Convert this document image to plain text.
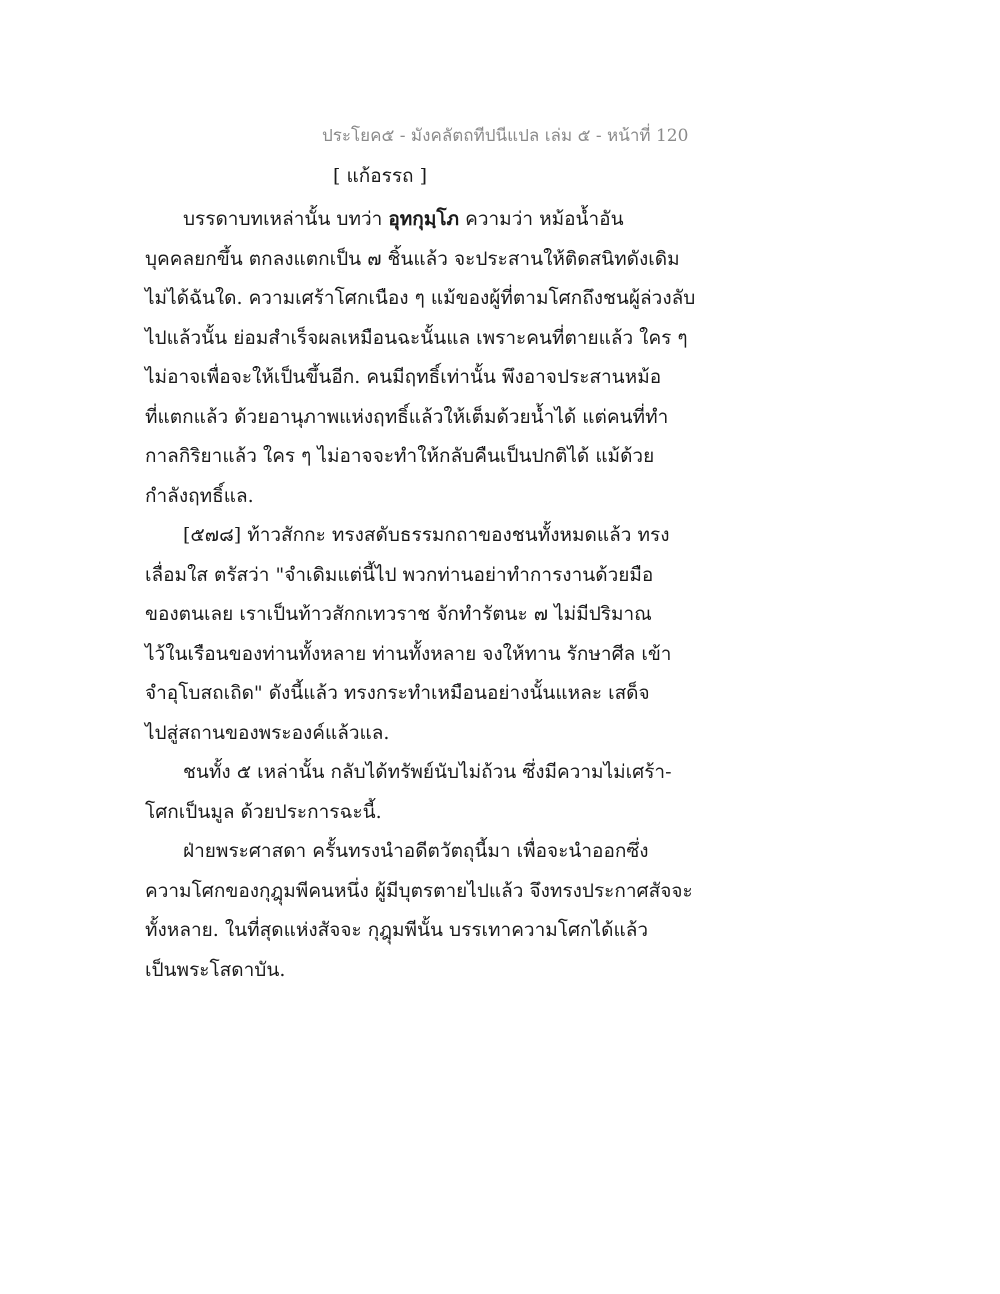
ประโยค๕ - มังคลัตถทีปนีแปล เล่ม ๕ - หน้าที่ 120
[ แก้อรรถ ]
บรรดาบทเหล่านั้น บทว่า อุทกุมฺโภ ความว่า หม้อน้ำอัน
บุคคลยกขึ้น ตกลงแตกเป็น ๗ ชิ้นแล้ว จะประสานให้ติดสนิทดังเดิม
ไม่ได้ฉันใด. ความเศร้าโศกเนือง ๆ แม้ของผู้ที่ตามโศกถึงชนผู้ล่วงลับ
ไปแล้วนั้น ย่อมสำเร็จผลเหมือนฉะนั้นแล เพราะคนที่ตายแล้ว ใคร ๆ
ไม่อาจเพื่อจะให้เป็นขึ้นอีก. คนมีฤทธิ์เท่านั้น พึงอาจประสานหม้อ
ที่แตกแล้ว ด้วยอานุภาพแห่งฤทธิ์แล้วให้เต็มด้วยน้ำได้ แต่คนที่ทำ
กาลกิริยาแล้ว ใคร ๆ ไม่อาจจะทำให้กลับคืนเป็นปกติได้ แม้ด้วย
กำลังฤทธิ์แล.
[๕๗๘] ท้าวสักกะ ทรงสดับธรรมกถาของชนทั้งหมดแล้ว ทรง
เลื่อมใส ตรัสว่า "จำเดิมแต่นี้ไป พวกท่านอย่าทำการงานด้วยมือ
ของตนเลย เราเป็นท้าวสักกเทวราช จักทำรัตนะ ๗ ไม่มีปริมาณ
ไว้ในเรือนของท่านทั้งหลาย ท่านทั้งหลาย จงให้ทาน รักษาศีล เข้า
จำอุโบสถเถิด" ดังนี้แล้ว ทรงกระทำเหมือนอย่างนั้นแหละ เสด็จ
ไปสู่สถานของพระองค์แล้วแล.
ชนทั้ง ๕ เหล่านั้น กลับได้ทรัพย์นับไม่ถ้วน ซึ่งมีความไม่เศร้า-
โศกเป็นมูล ด้วยประการฉะนี้.
ฝ่ายพระศาสดา ครั้นทรงนำอดีตวัตถุนี้มา เพื่อจะนำออกซึ่ง
ความโศกของกุฎุมพีคนหนึ่ง ผู้มีบุตรตายไปแล้ว จึงทรงประกาศสัจจะ
ทั้งหลาย. ในที่สุดแห่งสัจจะ กุฎุมพีนั้น บรรเทาความโศกได้แล้ว
เป็นพระโสดาบัน.
